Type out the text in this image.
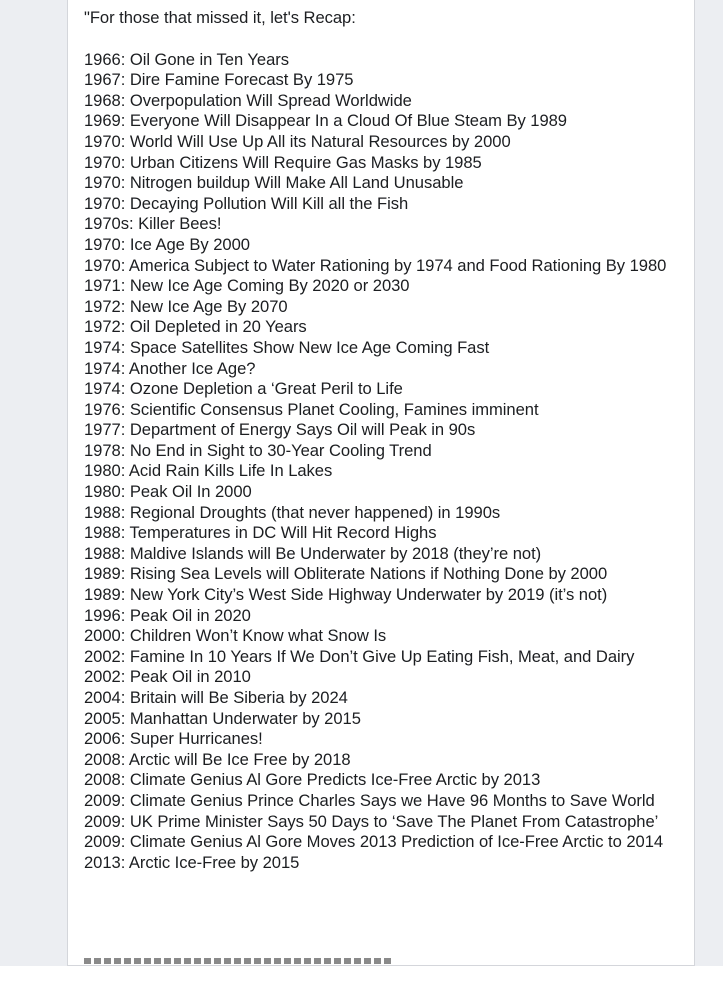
"For those that missed it, let's Recap:

1966: Oil Gone in Ten Years
1967: Dire Famine Forecast By 1975
1968: Overpopulation Will Spread Worldwide
1969: Everyone Will Disappear In a Cloud Of Blue Steam By 1989
1970: World Will Use Up All its Natural Resources by 2000
1970: Urban Citizens Will Require Gas Masks by 1985
1970: Nitrogen buildup Will Make All Land Unusable
1970: Decaying Pollution Will Kill all the Fish
1970s: Killer Bees!
1970: Ice Age By 2000
1970: America Subject to Water Rationing by 1974 and Food Rationing By 1980
1971: New Ice Age Coming By 2020 or 2030
1972: New Ice Age By 2070
1972: Oil Depleted in 20 Years
1974: Space Satellites Show New Ice Age Coming Fast
1974: Another Ice Age?
1974: Ozone Depletion a ‘Great Peril to Life
1976: Scientific Consensus Planet Cooling, Famines imminent
1977: Department of Energy Says Oil will Peak in 90s
1978: No End in Sight to 30-Year Cooling Trend
1980: Acid Rain Kills Life In Lakes
1980: Peak Oil In 2000
1988: Regional Droughts (that never happened) in 1990s
1988: Temperatures in DC Will Hit Record Highs
1988: Maldive Islands will Be Underwater by 2018 (they’re not)
1989: Rising Sea Levels will Obliterate Nations if Nothing Done by 2000
1989: New York City’s West Side Highway Underwater by 2019 (it’s not)
1996: Peak Oil in 2020
2000: Children Won’t Know what Snow Is
2002: Famine In 10 Years If We Don’t Give Up Eating Fish, Meat, and Dairy
2002: Peak Oil in 2010
2004: Britain will Be Siberia by 2024
2005: Manhattan Underwater by 2015
2006: Super Hurricanes!
2008: Arctic will Be Ice Free by 2018
2008: Climate Genius Al Gore Predicts Ice-Free Arctic by 2013
2009: Climate Genius Prince Charles Says we Have 96 Months to Save World
2009: UK Prime Minister Says 50 Days to ‘Save The Planet From Catastrophe’
2009: Climate Genius Al Gore Moves 2013 Prediction of Ice-Free Arctic to 2014
2013: Arctic Ice-Free by 2015
